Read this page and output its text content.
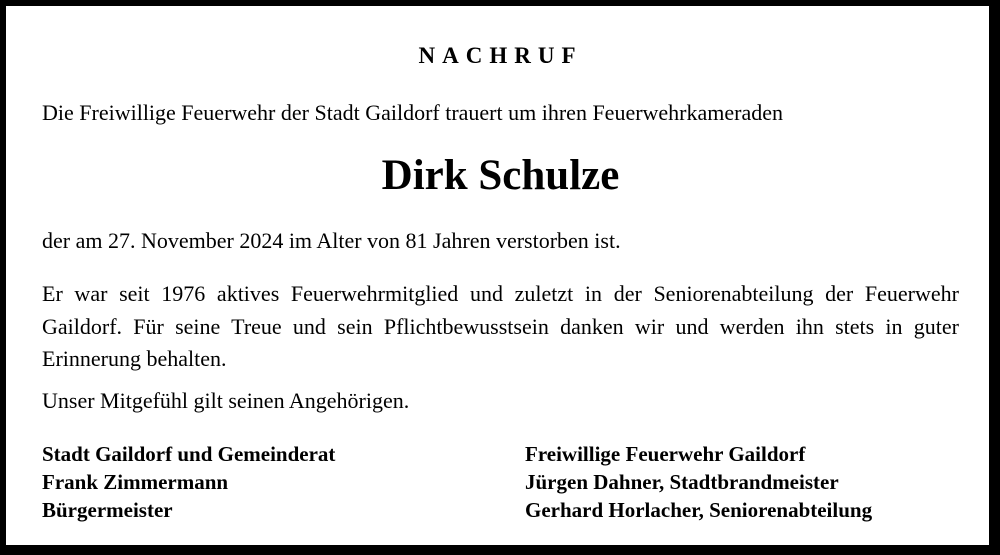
NACHRUF
Die Freiwillige Feuerwehr der Stadt Gaildorf trauert um ihren Feuerwehrkameraden
Dirk Schulze
der am 27. November 2024 im Alter von 81 Jahren verstorben ist.
Er war seit 1976 aktives Feuerwehrmitglied und zuletzt in der Seniorenabteilung der Feuerwehr Gaildorf. Für seine Treue und sein Pflichtbewusstsein danken wir und werden ihn stets in guter Erinnerung behalten.
Unser Mitgefühl gilt seinen Angehörigen.
Stadt Gaildorf und Gemeinderat
Frank Zimmermann
Bürgermeister
Freiwillige Feuerwehr Gaildorf
Jürgen Dahner, Stadtbrandmeister
Gerhard Horlacher, Seniorenabteilung
